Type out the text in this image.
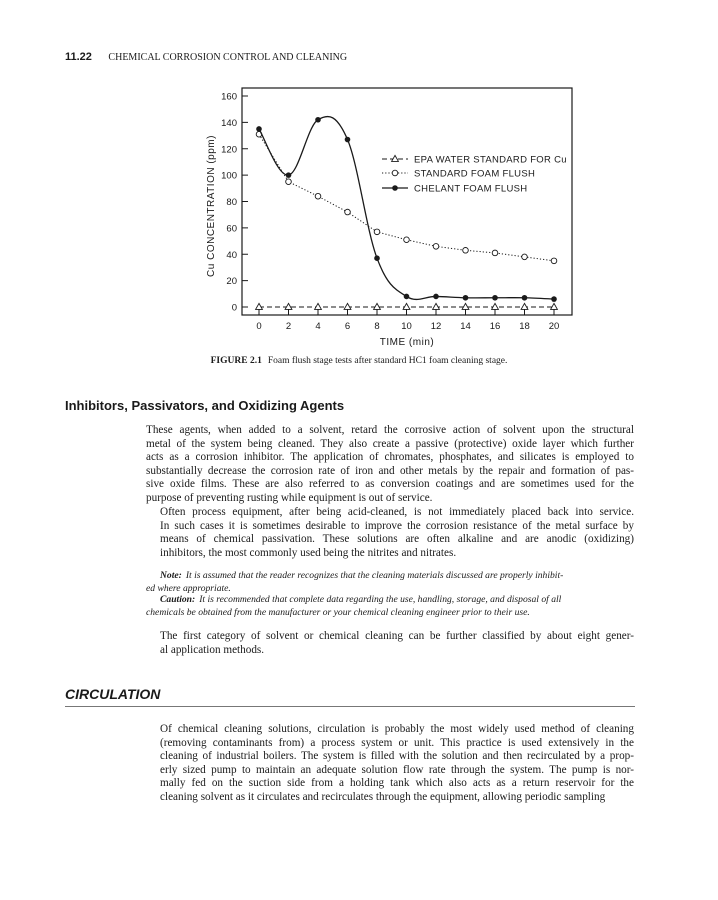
11.22 CHEMICAL CORROSION CONTROL AND CLEANING
0
20
40
60
80
100
120
140
160
0	2	4	6	8 10 12 14 16 18 20
EPA WATER STANDARD FOR Cu
STANDARD FOAM FLUSH
CHELANT FOAM FLUSH
Cu CONCENTRATION (ppm)
TIME (min)
FIGURE 2.1 Foam flush stage tests after standard HC1 foam cleaning stage.
Inhibitors, Passivators, and Oxidizing Agents

These agents, when added to a solvent, retard the corrosive action of solvent upon the structural
metal of the system being cleaned. They also create a passive (protective) oxide layer which further
acts as a corrosion inhibitor. The application of chromates, phosphates, and silicates is employed to
substantially decrease the corrosion rate of iron and other metals by the repair and formation of pas-
sive oxide films. These are also referred to as conversion coatings and are sometimes used for the
purpose of preventing rusting while equipment is out of service.

Often process equipment, after being acid-cleaned, is not immediately placed back into service.
In such cases it is sometimes desirable to improve the corrosion resistance of the metal surface by
means of chemical passivation. These solutions are often alkaline and are anodic (oxidizing)
inhibitors, the most commonly used being the nitrites and nitrates.

Note: It is assumed that the reader recognizes that the cleaning materials discussed are properly inhibit-
ed where appropriate.

Caution: It is recommended that complete data regarding the use, handling, storage, and disposal of all
chemicals be obtained from the manufacturer or your chemical cleaning engineer prior to their use.

The first category of solvent or chemical cleaning can be further classified by about eight gener-
al application methods.

CIRCULATION

Of chemical cleaning solutions, circulation is probably the most widely used method of cleaning
(removing contaminants from) a process system or unit. This practice is used extensively in the
cleaning of industrial boilers. The system is filled with the solution and then recirculated by a prop-
erly sized pump to maintain an adequate solution flow rate through the system. The pump is nor-
mally fed on the suction side from a holding tank which also acts as a return reservoir for the
cleaning solvent as it circulates and recirculates through the equipment, allowing periodic sampling
